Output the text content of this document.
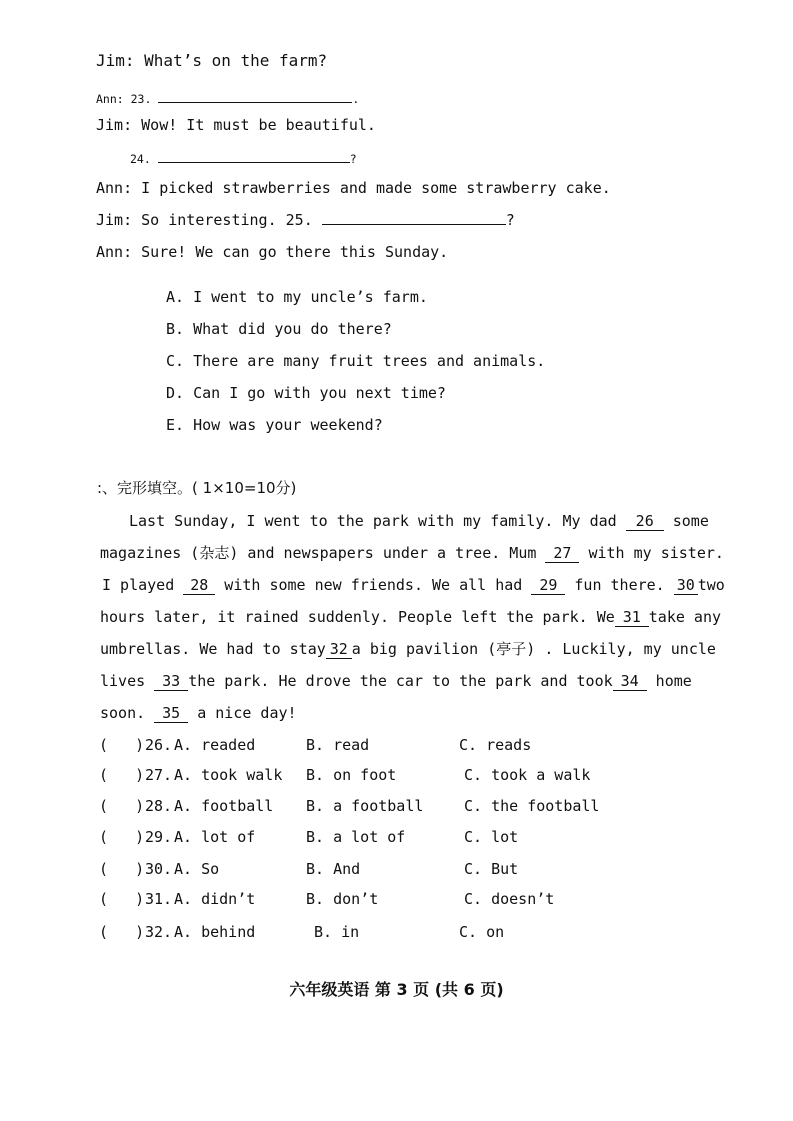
Jim: What’s on the farm?
Ann: 23.	.
Jim: Wow! It must be beautiful.
24.	?
Ann: I picked strawberries and made some strawberry cake.
Jim: So interesting. 25.	?
Ann: Sure! We can go there this Sunday.
A. I went to my uncle’s farm.
B. What did you do there?
C. There are many fruit trees and animals.
D. Can I go with you next time?
E. How was your weekend?
:、完形填空。( 1×10=10分)
Last Sunday, I went to the park with my family. My dad 26 some
magazines (杂志) and newspapers under a tree. Mum 27 with my sister.
I played 28 with some new friends. We all had 29 fun there. 30 two
hours later, it rained suddenly. People left the park. We 31 take any
umbrellas. We had to stay 32 a big pavilion (亭子) . Luckily, my uncle
lives 33 the park. He drove the car to the park and took 34 home
soon. 35 a nice day!
(   ) 26. A. readed	B. read	C. reads
(   ) 27. A. took walk B. on foot	C. took a walk
(   ) 28. A. football B. a football	C. the football
(   ) 29. A. lot of	B. a lot of	C. lot
(   ) 30. A. So	B. And	C. But
(   ) 31. A. didn’t	B. don’t	C. doesn’t
(   ) 32. A. behind	B. in	C. on
六年级英语 第 3 页 (共 6 页)
